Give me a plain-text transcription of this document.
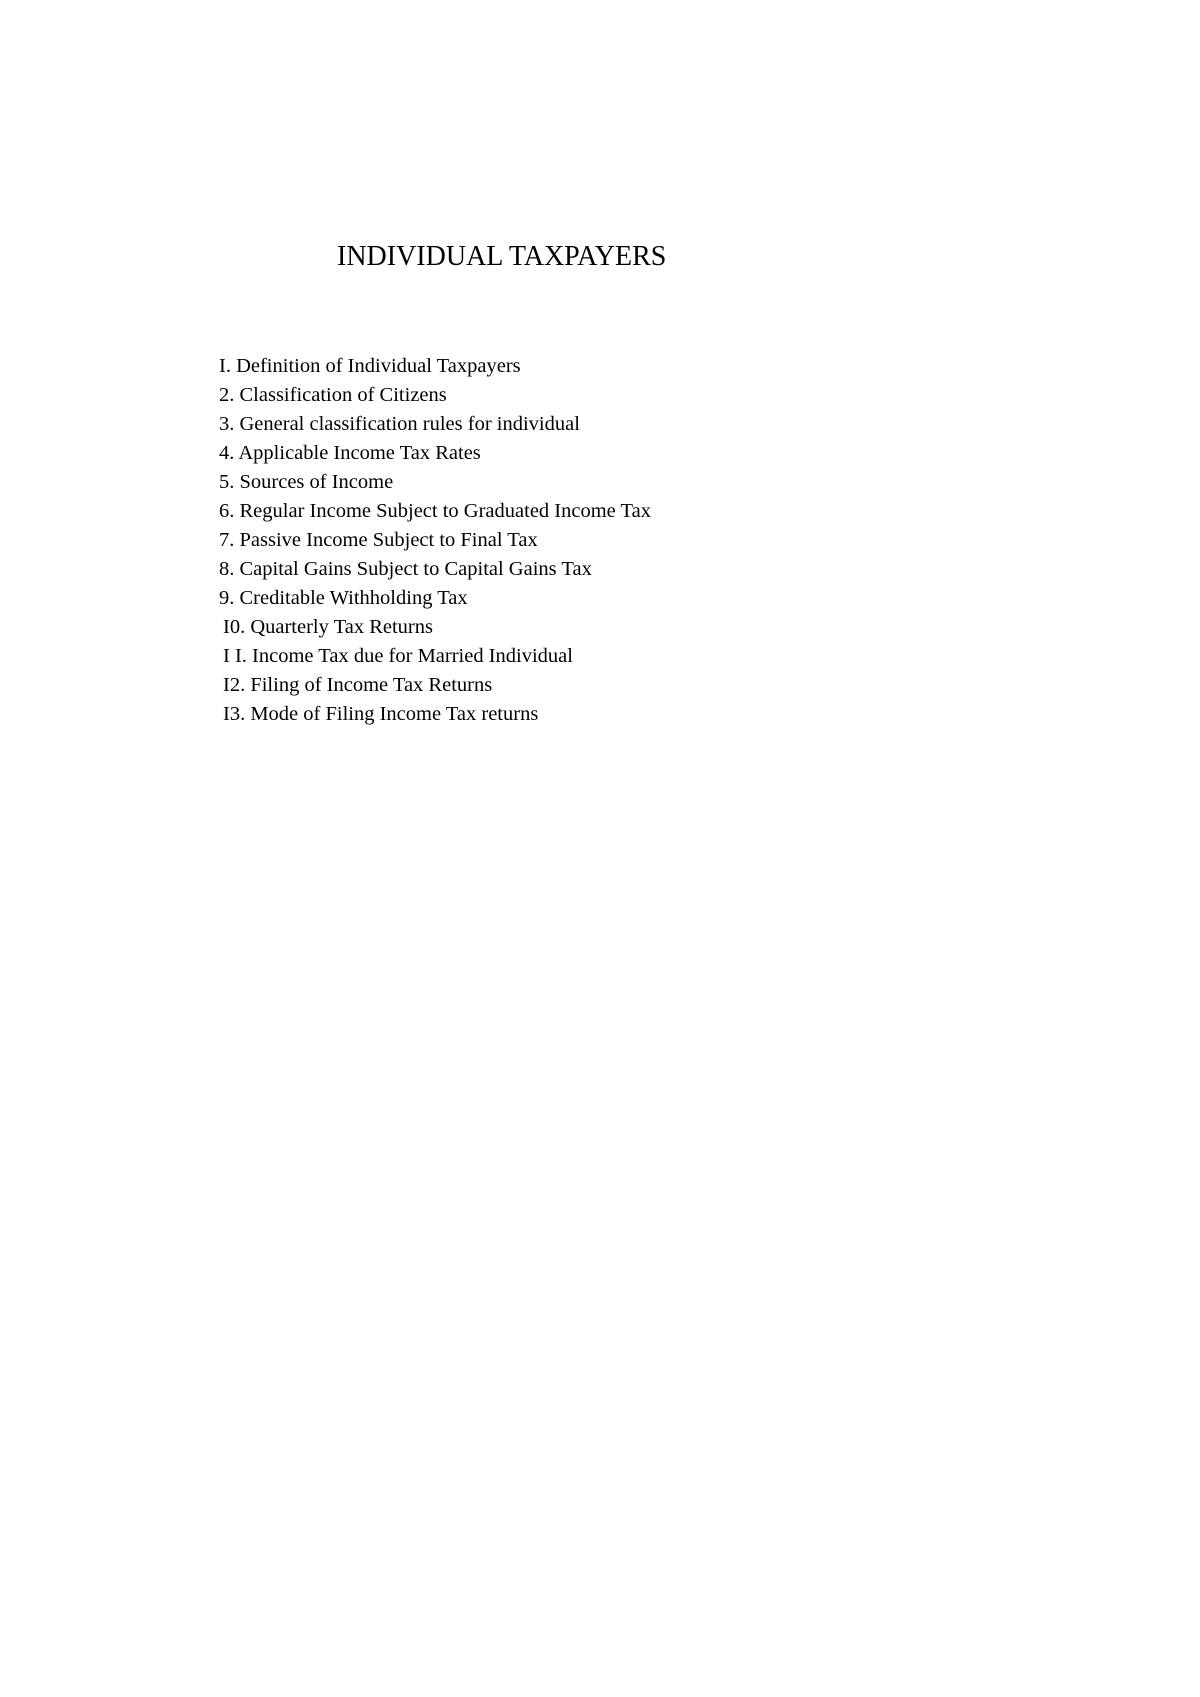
INDIVIDUAL TAXPAYERS
I. Definition of Individual Taxpayers
2. Classification of Citizens
3. General classification rules for individual
4. Applicable Income Tax Rates
5. Sources of Income
6. Regular Income Subject to Graduated Income Tax
7. Passive Income Subject to Final Tax
8. Capital Gains Subject to Capital Gains Tax
9. Creditable Withholding Tax
I0. Quarterly Tax Returns
I I. Income Tax due for Married Individual
I2. Filing of Income Tax Returns
I3. Mode of Filing Income Tax returns
